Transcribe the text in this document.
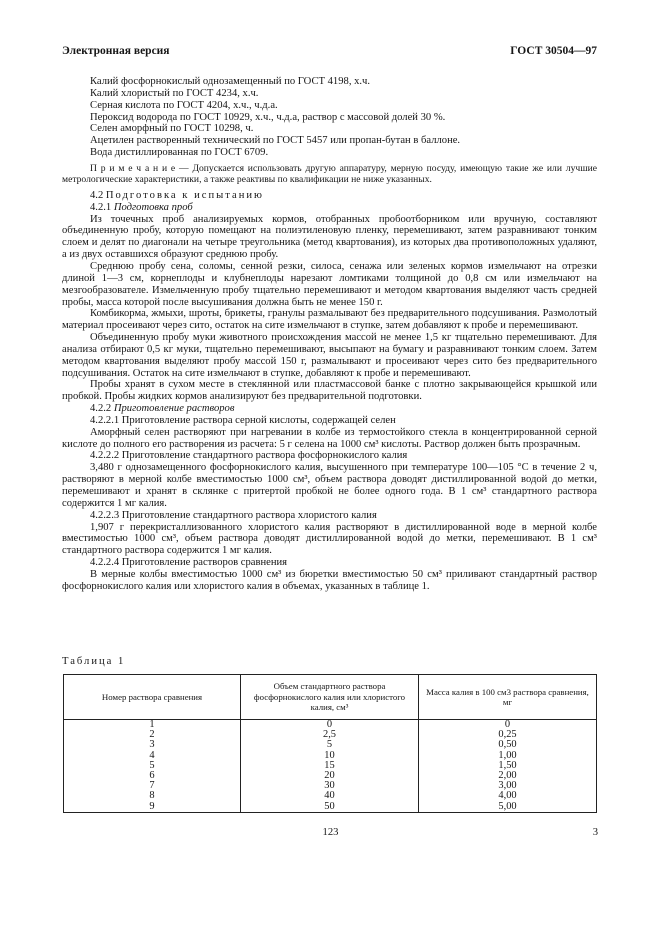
Электронная версия	ГОСТ 30504—97

Калий фосфорнокислый однозамещенный по ГОСТ 4198, х.ч.

Калий хлористый по ГОСТ 4234, х.ч.

Серная кислота по ГОСТ 4204, х.ч., ч.д.а.

Пероксид водорода по ГОСТ 10929, х.ч., ч.д.а, раствор с массовой долей 30 %.

Селен аморфный по ГОСТ 10298, ч.

Ацетилен растворенный технический по ГОСТ 5457 или пропан-бутан в баллоне.

Вода дистиллированная по ГОСТ 6709.

П р и м е ч а н и е — Допускается использовать другую аппаратуру, мерную посуду, имеющую такие же или лучшие метрологические характеристики, а также реактивы по квалификации не ниже указанных.

4.2 Подготовка к испытанию

4.2.1 Подготовка проб

Из точечных проб анализируемых кормов, отобранных пробоотборником или вручную, составляют объединенную пробу, которую помещают на полиэтиленовую пленку, перемешивают, затем разравнивают тонким слоем и делят по диагонали на четыре треугольника (метод квартования), из которых два противоположных удаляют, а из двух оставшихся образуют среднюю пробу.

Среднюю пробу сена, соломы, сенной резки, силоса, сенажа или зеленых кормов измельчают на отрезки длиной 1—3 см, корнеплоды и клубнеплоды нарезают ломтиками толщиной до 0,8 см или измельчают на мезгообразователе. Измельченную пробу тщательно перемешивают и методом квартования выделяют часть средней пробы, масса которой после высушивания должна быть не менее 150 г.

Комбикорма, жмыхи, шроты, брикеты, гранулы размалывают без предварительного подсушивания. Размолотый материал просеивают через сито, остаток на сите измельчают в ступке, затем добавляют к пробе и перемешивают.

Объединенную пробу муки животного происхождения массой не менее 1,5 кг тщательно перемешивают. Для анализа отбирают 0,5 кг муки, тщательно перемешивают, высыпают на бумагу и разравнивают тонким слоем. Затем методом квартования выделяют пробу массой 150 г, размалывают и просеивают через сито без предварительного подсушивания. Остаток на сите измельчают в ступке, добавляют к пробе и перемешивают.

Пробы хранят в сухом месте в стеклянной или пластмассовой банке с плотно закрывающейся крышкой или пробкой. Пробы жидких кормов анализируют без предварительной подготовки.

4.2.2 Приготовление растворов

4.2.2.1 Приготовление раствора серной кислоты, содержащей селен

Аморфный селен растворяют при нагревании в колбе из термостойкого стекла в концентрированной серной кислоте до полного его растворения из расчета: 5 г селена на 1000 см³ кислоты. Раствор должен быть прозрачным.

4.2.2.2 Приготовление стандартного раствора фосфорнокислого калия

3,480 г однозамещенного фосфорнокислого калия, высушенного при температуре 100—105 °С в течение 2 ч, растворяют в мерной колбе вместимостью 1000 см³, объем раствора доводят дистиллированной водой до метки, перемешивают и хранят в склянке с притертой пробкой не более одного года. В 1 см³ стандартного раствора содержится 1 мг калия.

4.2.2.3 Приготовление стандартного раствора хлористого калия

1,907 г перекристаллизованного хлористого калия растворяют в дистиллированной воде в мерной колбе вместимостью 1000 см³, объем раствора доводят дистиллированной водой до метки, перемешивают. В 1 см³ стандартного раствора содержится 1 мг калия.

4.2.2.4 Приготовление растворов сравнения

В мерные колбы вместимостью 1000 см³ из бюретки вместимостью 50 см³ приливают стандартный раствор фосфорнокислого калия или хлористого калия в объемах, указанных в таблице 1.

Таблица 1
Номер раствора сравнения	Объем стандартного раствора фосфорнокислого калия или хлористого калия, см³	Масса калия в 100 см3 раствора сравнения, мг
1	0	0
2	2,5	0,25
3	5	0,50
4	10	1,00
5	15	1,50
6	20	2,00
7	30	3,00
8	40	4,00
9	50	5,00
123	3
